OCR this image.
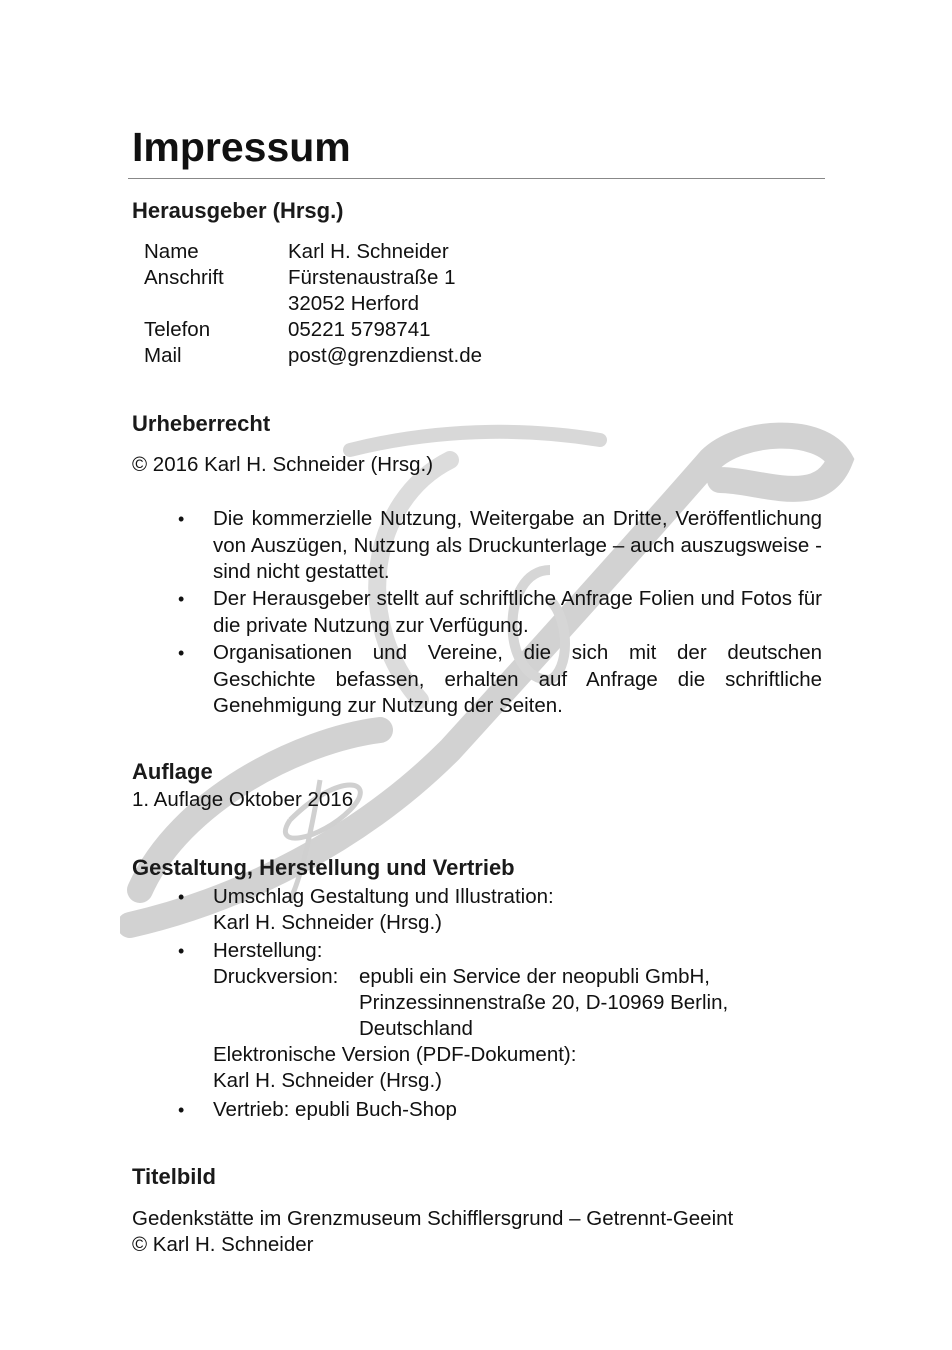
Impressum
Herausgeber (Hrsg.)
Name	Karl H. Schneider
Anschrift	Fürstenaustraße 1
32052 Herford
Telefon	05221 5798741
Mail	post@grenzdienst.de
Urheberrecht
© 2016 Karl H. Schneider (Hrsg.)
• Die kommerzielle Nutzung, Weitergabe an Dritte, Veröffentlichung von Auszügen, Nutzung als Druckunterlage – auch auszugsweise - sind nicht gestattet.
• Der Herausgeber stellt auf schriftliche Anfrage Folien und Fotos für die private Nutzung zur Verfügung.
• Organisationen und Vereine, die sich mit der deutschen Geschichte befassen, erhalten auf Anfrage die schriftliche Genehmigung zur Nutzung der Seiten.
Auflage
1. Auflage Oktober 2016
Gestaltung, Herstellung und Vertrieb
• Umschlag Gestaltung und Illustration:
Karl H. Schneider (Hrsg.)
• Herstellung:
Druckversion: epubli ein Service der neopubli GmbH,
Prinzessinnenstraße 20, D-10969 Berlin,
Deutschland
Elektronische Version (PDF-Dokument):
Karl H. Schneider (Hrsg.)
• Vertrieb: epubli Buch-Shop
Titelbild
Gedenkstätte im Grenzmuseum Schifflersgrund – Getrennt-Geeint
© Karl H. Schneider
